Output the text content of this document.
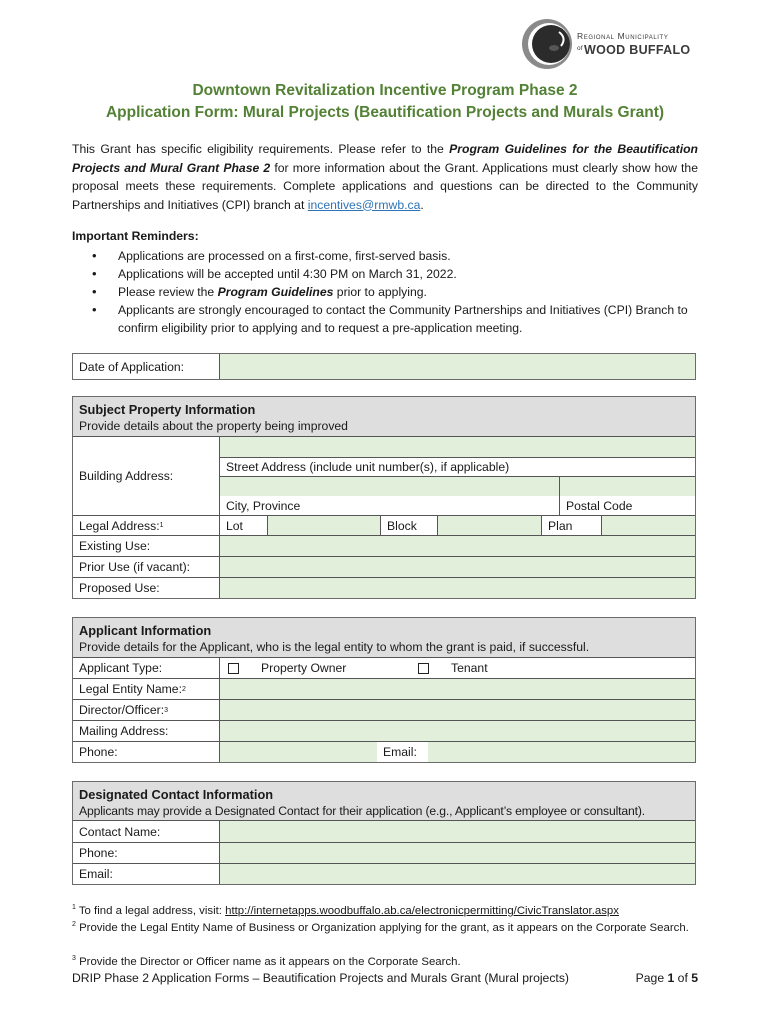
Regional Municipality
$^{of}$WOOD BUFFALO
Downtown Revitalization Incentive Program Phase 2
Application Form: Mural Projects (Beautification Projects and Murals Grant)

This Grant has specific eligibility requirements. Please refer to the Program Guidelines for the Beautification Projects and Mural Grant Phase 2 for more information about the Grant. Applications must clearly show how the proposal meets these requirements. Complete applications and questions can be directed to the Community Partnerships and Initiatives (CPI) branch at incentives@rmwb.ca.

Important Reminders:
• Applications are processed on a first-come, first-served basis.
• Applications will be accepted until 4:30 PM on March 31, 2022.
• Please review the Program Guidelines prior to applying.
• Applicants are strongly encouraged to contact the Community Partnerships and Initiatives (CPI) Branch to confirm eligibility prior to applying and to request a pre-application meeting.
Date of Application:
Subject Property Information
Provide details about the property being improved
Building Address:
Street Address (include unit number(s), if applicable)
City, Province	Postal Code
Legal Address: 1	Lot	Block	Plan
Existing Use:
Prior Use (if vacant):
Proposed Use:
Applicant Information
Provide details for the Applicant, who is the legal entity to whom the grant is paid, if successful.
Applicant Type:	Property Owner	Tenant
Legal Entity Name: 2
Director/Officer: 3
Mailing Address:
Phone:	Email:
Designated Contact Information
Applicants may provide a Designated Contact for their application (e.g., Applicant’s employee or consultant).
Contact Name:
Phone:
Email:
$^1$ To find a legal address, visit: http://internetapps.woodbuffalo.ab.ca/electronicpermitting/CivicTranslator.aspx
$^2$ Provide the Legal Entity Name of Business or Organization applying for the grant, as it appears on the Corporate Search.
$^3$ Provide the Director or Officer name as it appears on the Corporate Search.
DRIP Phase 2 Application Forms – Beautification Projects and Murals Grant (Mural projects)	Page 1 of 5
